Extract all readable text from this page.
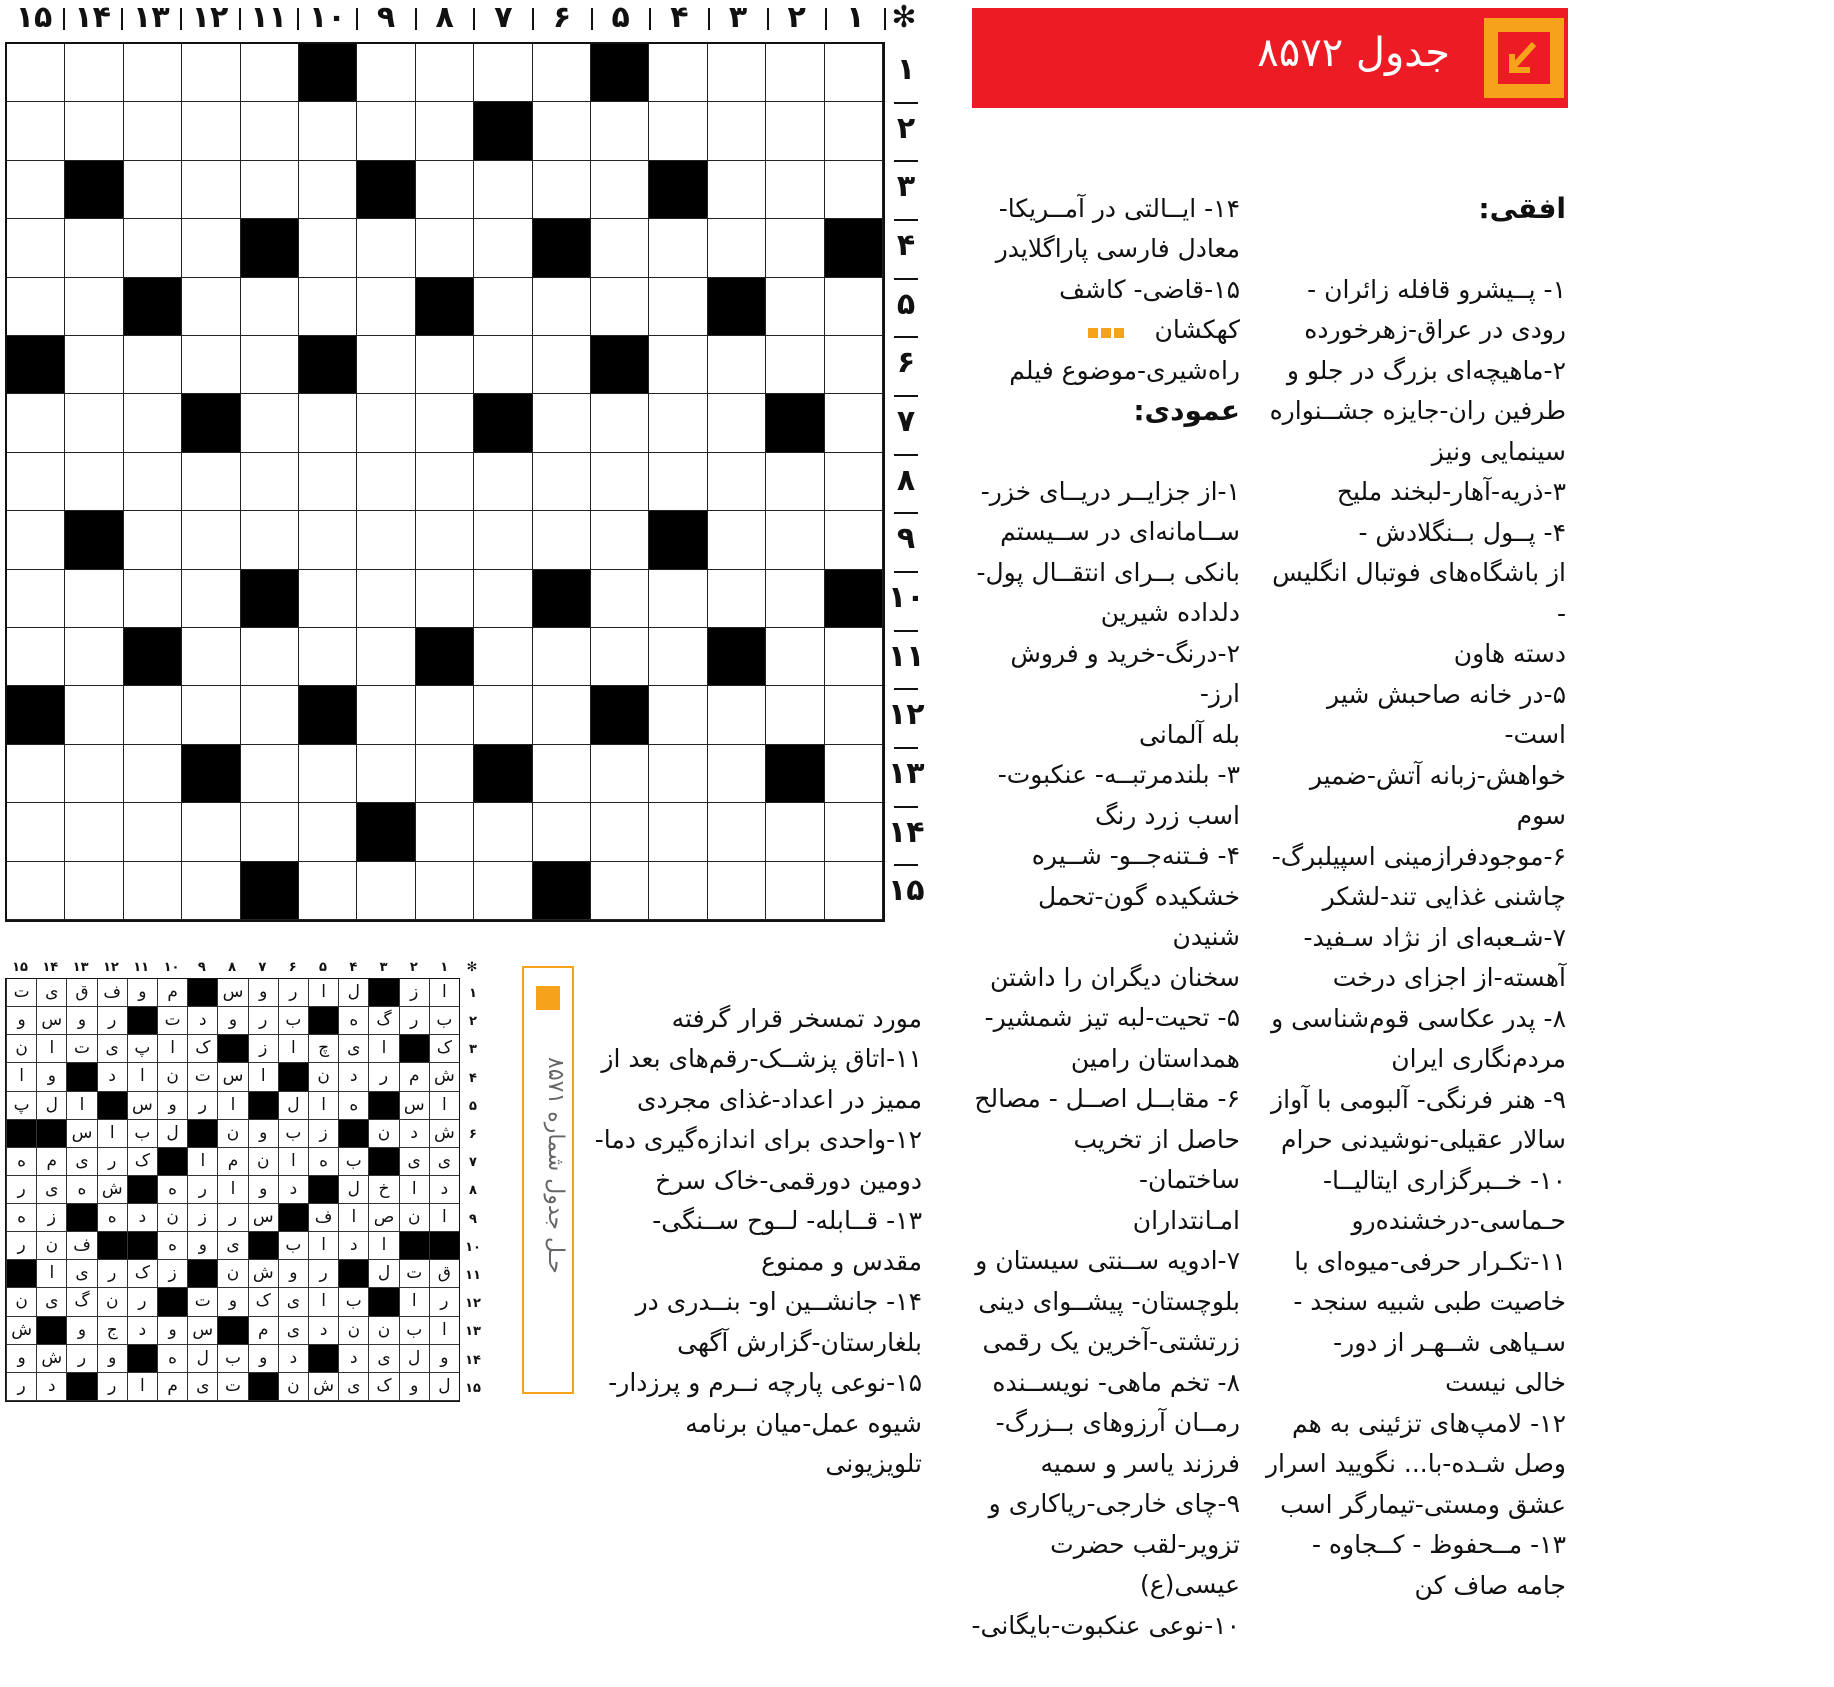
۱
۲
۳
۴
۵
۶
۷
۸
۹
۱۰
۱۱
۱۲
۱۳
۱۴
۱۵	✻
۱
۲
۳
۴
۵
۶
۷
۸
۹
۱۰
۱۱
۱۲
۱۳
۱۴
۱۵
جدول ۸۵۷۲

افقی:

۱- پــیشرو قافله زائران -
رودی در عراق-زهرخورده
۲-ماهیچه‌ای بزرگ در جلو و
طرفین ران-جایزه جشــنواره
سینمایی ونیز
۳-ذریه-آهار-لبخند ملیح
۴- پــول بــنگلادش -
از باشگاه‌های فوتبال انگلیس -
دسته هاون
۵-در خانه صاحبش شیر است-
خواهش-زبانه آتش-ضمیر سوم
۶-موجودفرازمینی اسپیلبرگ-
چاشنی غذایی تند-لشکر
۷-شـعبه‌ای از نژاد سـفید-
آهسته-از اجزای درخت
۸- پدر عکاسی قوم‌شناسی و
مردم‌نگاری ایران
۹- هنر فرنگی- آلبومی با آواز
سالار عقیلی-نوشیدنی حرام
۱۰- خــبرگزاری ایتالیــا-
حـماسی-درخشنده‌رو
۱۱-تکـرار حرفی-میوه‌ای با
خاصیت طبی شبیه سنجد -
سـیاهی شــهـر از دور-
خالی نیست
۱۲- لامپ‌های تزئینی به هم
وصل شـده-با... نگویید اسرار
عشق ومستی-تیمارگر اسب
۱۳- مــحفوظ - کــجاوه -
جامه صاف کن

۱۴- ایــالتی در آمــریکا-
معادل فارسی پاراگلایدر
۱۵-قاضی- کاشف کهکشان
راه‌شیری-موضوع فیلم

عمودی:

۱-از جزایــر دریــای خزر-
ســامانه‌ای در ســیستم
بانکی بــرای انتقــال پول-
دلداده شیرین
۲-درنگ-خرید و فروش ارز-
بله آلمانی
۳- بلندمرتبــه- عنکبوت-
اسب زرد رنگ
۴- فـتنه‌جــو- شــیره
خشکیده گون-تحمل شنیدن
سخنان دیگران را داشتن
۵- تحیت-لبه تیز شمشیر-
همداستان رامین
۶- مقابــل اصــل - مصالح
حاصل از تخریب ساختمان-
امـانتداران
۷-ادویه ســنتی سیستان و
بلوچستان- پیشــوای دینی
زرتشتی-آخرین یک رقمی
۸- تخم ماهی- نویســنده
رمــان آرزوهای بــزرگ-
فرزند یاسر و سمیه
۹-چای خارجی-ریاکاری و
تزویر-لقب حضرت عیسی(ع)
۱۰-نوعی عنکبوت-بایگانی-

مورد تمسخر قرار گرفته
۱۱-اتاق پزشــک-رقم‌های بعد از
ممیز در اعداد-غذای مجردی
۱۲-واحدی برای اندازه‌گیری دما-
دومین دورقمی-خاک سرخ
۱۳- قــابله- لــوح ســنگی-
مقدس و ممنوع
۱۴- جانشــین او- بنــدری در
بلغارستان-گزارش آگهی
۱۵-نوعی پارچه نــرم و پرزدار-
شیوه عمل-میان برنامه تلویزیونی

حـل جدول شماره ۸۵۷۱
ا
ز
ل
ا
ر
و
س
م
و
ف
ق
ی
ت
ب
ر
گ
ه
ب
ر
و
د
ت
ر
و
س
و
ک
ا
ی
چ
ا
ز
ک
ا
پ
ی
ت
ا
ن
ش
م
ر
د
ن
ا
س
ت
ن
ا
د
و
ا
ا
س
ه
ا
ل
ا
ر
و
س
ا
ل
پ
ش
د
ن
ز
ب
و
ن
ل
ب
ا
س
ی
ی
ب
ه
ا
ن
م
ا
ک
ر
ی
م
ه
د
ا
خ
ل
د
و
ا
ر
ه
ش
ه
ی
ر
ا
ن
ص
ا
ف
س
ر
ز
ن
د
ه
ز
ه
ا
د
ا
ب
ی
و
ه
ف
ن
ر
ق
ت
ل
ر
و
ش
ن
ز
ک
ر
ی
ا
ر
ا
ب
ا
ی
ک
و
ت
ر
ن
گ
ی
ن
ا
ب
ن
ن
د
ی
م
س
و
د
ج
و
ش
و
ل
ی
د
د
و
ب
ل
ه
و
ر
ش
و
ل
و
ک
ی
ش
ن
ت
ی
م
ا
ر
د
ر
۱
۲
۳
۴
۵
۶
۷
۸
۹
۱۰
۱۱
۱۲
۱۳
۱۴
۱۵	✻
۱
۲
۳
۴
۵
۶
۷
۸
۹
۱۰
۱۱
۱۲
۱۳
۱۴
۱۵
